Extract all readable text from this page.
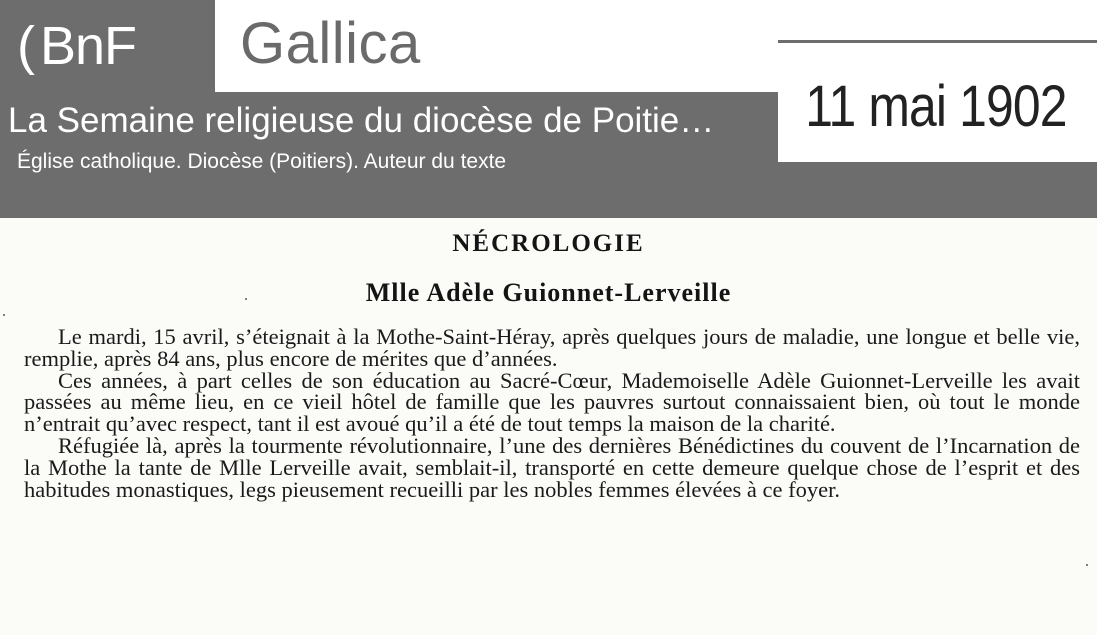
( BnF Gallica
La Semaine religieuse du diocèse de Poitie…
Église catholique. Diocèse (Poitiers). Auteur du texte
11 mai 1902
NÉCROLOGIE
Mlle Adèle Guionnet-Lerveille

Le mardi, 15 avril, s’éteignait à la Mothe-Saint-Héray, après quelques jours de maladie, une longue et belle vie, remplie, après 84 ans, plus encore de mérites que d’années.

Ces années, à part celles de son éducation au Sacré-Cœur, Mademoiselle Adèle Guionnet-Lerveille les avait passées au même lieu, en ce vieil hôtel de famille que les pauvres surtout connaissaient bien, où tout le monde n’entrait qu’avec respect, tant il est avoué qu’il a été de tout temps la maison de la charité.

Réfugiée là, après la tourmente révolutionnaire, l’une des dernières Bénédictines du couvent de l’Incarnation de la Mothe la tante de Mlle Lerveille avait, semblait-il, transporté en cette demeure quelque chose de l’esprit et des habitudes monastiques, legs pieusement recueilli par les nobles femmes élevées à ce foyer.
